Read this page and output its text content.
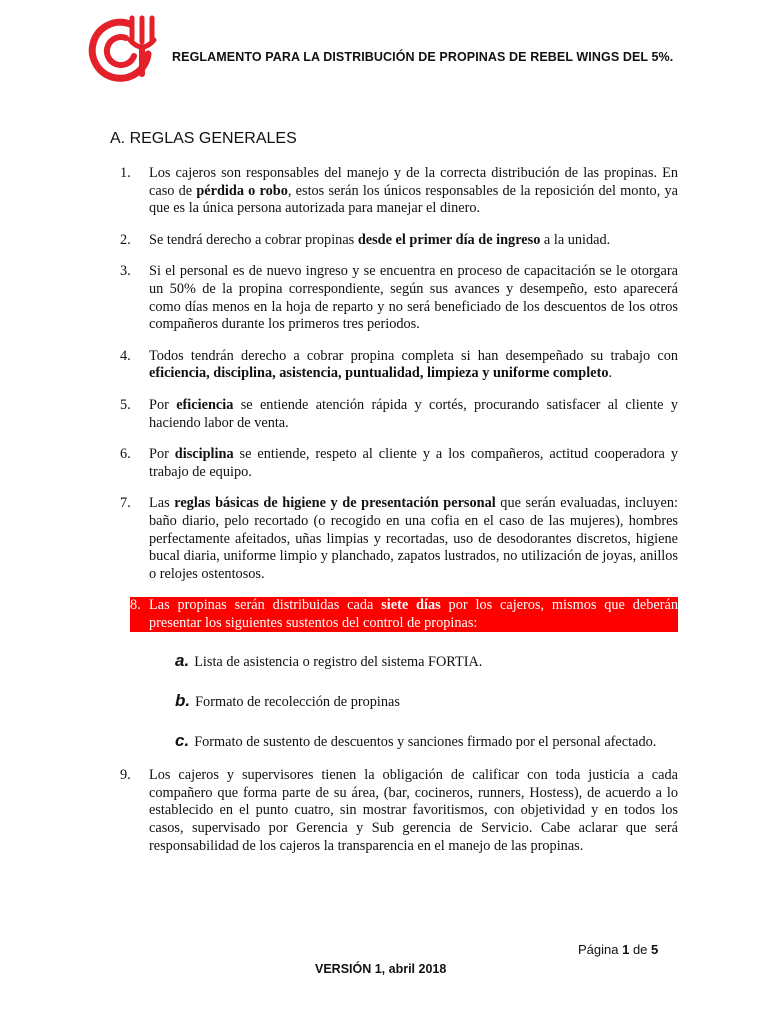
REGLAMENTO PARA LA DISTRIBUCIÓN DE PROPINAS DE REBEL WINGS DEL 5%.
A. REGLAS GENERALES
1.	Los cajeros son responsables del manejo y de la correcta distribución de las propinas. En caso de pérdida o robo, estos serán los únicos responsables de la reposición del monto, ya que es la única persona autorizada para manejar el dinero.
2.	Se tendrá derecho a cobrar propinas desde el primer día de ingreso a la unidad.
3.	Si el personal es de nuevo ingreso y se encuentra en proceso de capacitación se le otorgara un 50% de la propina correspondiente, según sus avances y desempeño, esto aparecerá como días menos en la hoja de reparto y no será beneficiado de los descuentos de los otros compañeros durante los primeros tres periodos.
4.	Todos tendrán derecho a cobrar propina completa si han desempeñado su trabajo con eficiencia, disciplina, asistencia, puntualidad, limpieza y uniforme completo.
5.	Por eficiencia se entiende atención rápida y cortés, procurando satisfacer al cliente y haciendo labor de venta.
6.	Por disciplina se entiende, respeto al cliente y a los compañeros, actitud cooperadora y trabajo de equipo.
7.	Las reglas básicas de higiene y de presentación personal que serán evaluadas, incluyen: baño diario, pelo recortado (o recogido en una cofia en el caso de las mujeres), hombres perfectamente afeitados, uñas limpias y recortadas, uso de desodorantes discretos, higiene bucal diaria, uniforme limpio y planchado, zapatos lustrados, no utilización de joyas, anillos o relojes ostentosos.
8. Las propinas serán distribuidas cada siete días por los cajeros, mismos que deberán presentar los siguientes sustentos del control de propinas:
a. Lista de asistencia o registro del sistema FORTIA.
b. Formato de recolección de propinas
c. Formato de sustento de descuentos y sanciones firmado por el personal afectado.
9.	Los cajeros y supervisores tienen la obligación de calificar con toda justicia a cada compañero que forma parte de su área, (bar, cocineros, runners, Hostess), de acuerdo a lo establecido en el punto cuatro, sin mostrar favoritismos, con objetividad y en todos los casos, supervisado por Gerencia y Sub gerencia de Servicio. Cabe aclarar que será responsabilidad de los cajeros la transparencia en el manejo de las propinas.
Página 1 de 5
VERSIÓN 1, abril 2018
